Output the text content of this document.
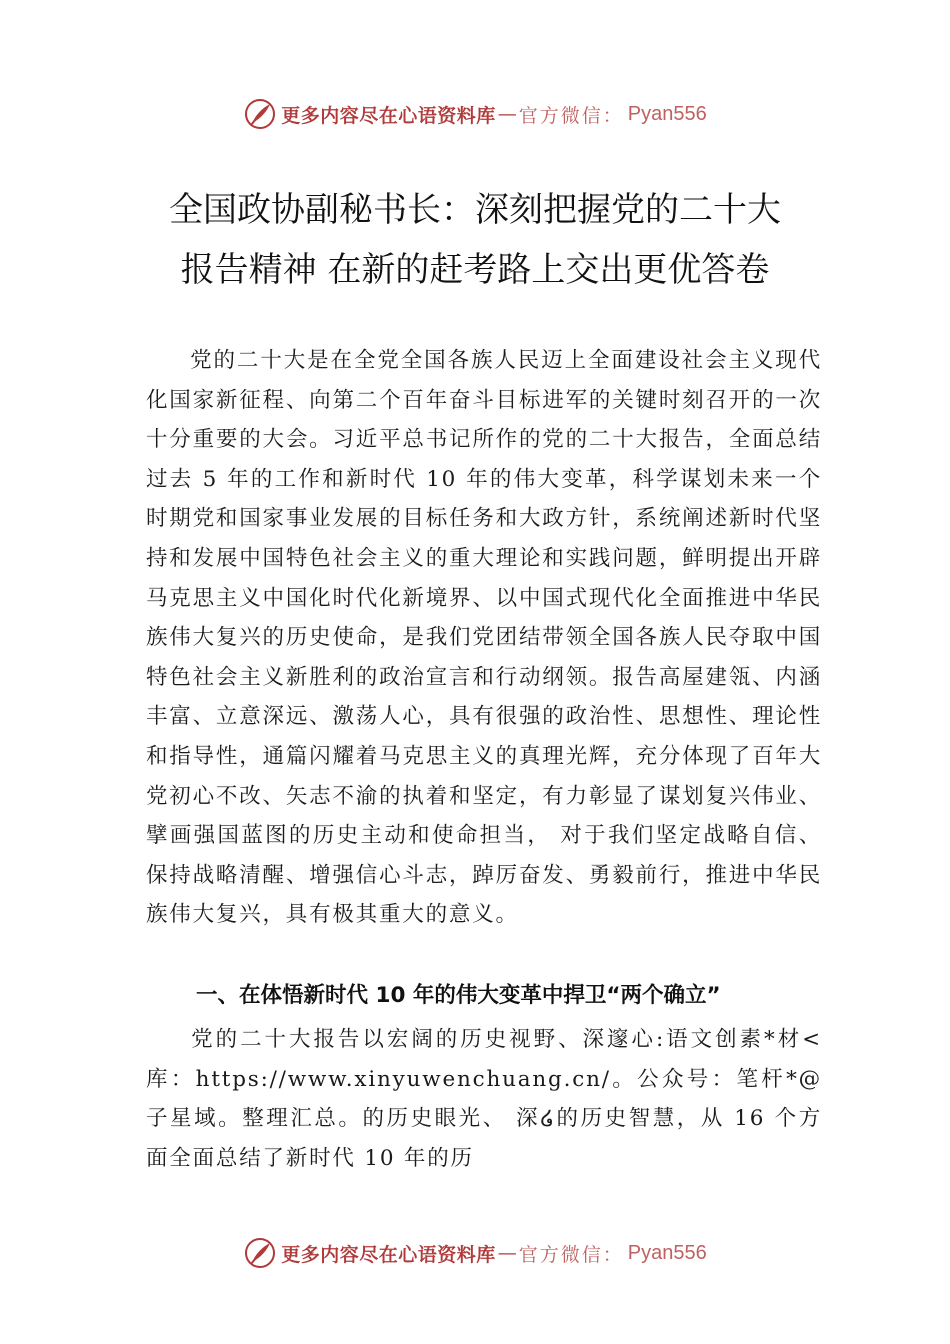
更多内容尽在心语资料库 — 官方微信： Pyan556
全国政协副秘书长：深刻把握党的二十大
报告精神 在新的赶考路上交出更优答卷
党的二十大是在全党全国各族人民迈上全面建设社会主义现代化国家新征程、向第二个百年奋斗目标进军的关键时刻召开的一次十分重要的大会。习近平总书记所作的党的二十大报告，全面总结过去 5 年的工作和新时代 10 年的伟大变革，科学谋划未来一个时期党和国家事业发展的目标任务和大政方针，系统阐述新时代坚持和发展中国特色社会主义的重大理论和实践问题，鲜明提出开辟马克思主义中国化时代化新境界、以中国式现代化全面推进中华民族伟大复兴的历史使命，是我们党团结带领全国各族人民夺取中国特色社会主义新胜利的政治宣言和行动纲领。报告高屋建瓴、内涵丰富、立意深远、激荡人心，具有很强的政治性、思想性、理论性和指导性，通篇闪耀着马克思主义的真理光辉，充分体现了百年大党初心不改、矢志不渝的执着和坚定，有力彰显了谋划复兴伟业、擘画强国蓝图的历史主动和使命担当， 对于我们坚定战略自信、保持战略清醒、增强信心斗志，踔厉奋发、勇毅前行，推进中华民族伟大复兴，具有极其重大的意义。
一、在体悟新时代 10 年的伟大变革中捍卫“两个确立”
党的二十大报告以宏阔的历史视野、深邃心:语文创素*材<库：https://www.xinyuwenchuang.cn/。公众号：笔杆*@子星域。整理汇总。的历史眼光、 深໒的历史智慧，从 16 个方面全面总结了新时代 10 年的历
更多内容尽在心语资料库 — 官方微信： Pyan556
